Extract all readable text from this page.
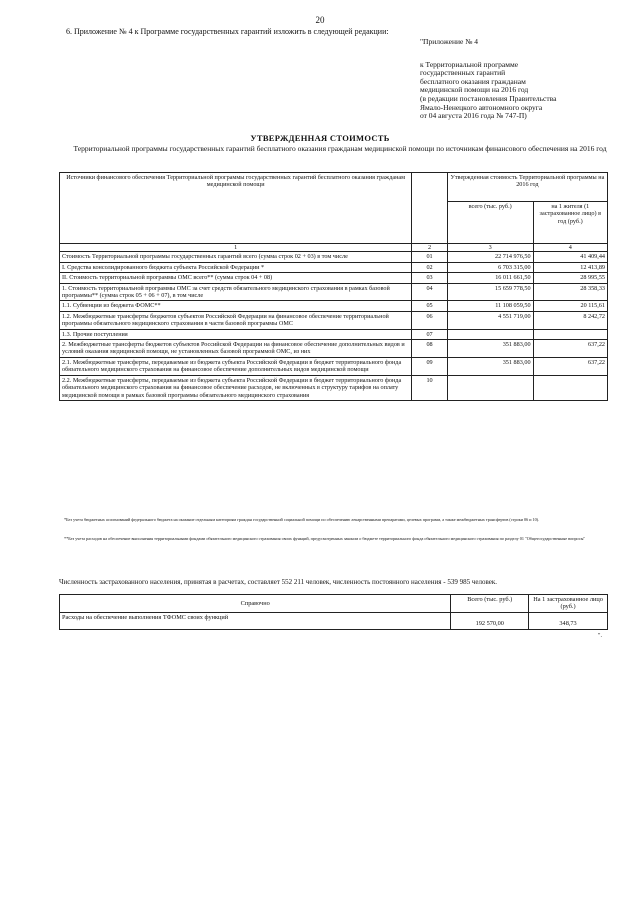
20
6. Приложение № 4 к Программе государственных гарантий изложить в следующей редакции:
"Приложение № 4
к Территориальной программе
государственных гарантий
бесплатного оказания гражданам
медицинской помощи на 2016 год
(в редакции постановления Правительства
Ямало-Ненецкого автономного округа
от 04 августа 2016 года № 747-П)
УТВЕРЖДЕННАЯ СТОИМОСТЬ
Территориальной программы государственных гарантий бесплатного оказания гражданам медицинской помощи по источникам финансового обеспечения на 2016 год
Источники финансового обеспечения Территориальной программы государственных гарантий бесплатного оказания гражданам медицинской помощи		Утвержденная стоимость Территориальной программы на 2016 год	
		всего (тыс. руб.)	на 1 жителя (1 застрахованное лицо) в год (руб.)
1	2	3	4
Стоимость Территориальной программы государственных гарантий всего (сумма строк 02 + 03) в том числе	01	22 714 976,50	41 409,44
I. Средства консолидированного бюджета субъекта Российской Федерации *	02	6 703 315,00	12 413,89
II. Стоимость территориальной программы ОМС всего** (сумма строк 04 + 08)	03	16 011 661,50	28 995,55
1. Стоимость территориальной программы ОМС за счет средств обязательного медицинского страхования в рамках базовой программы** (сумма строк 05 + 06 + 07), в том числе	04	15 659 778,50	28 358,33
1.1. Субвенции из бюджета ФОМС**	05	11 108 059,50	20 115,61
1.2. Межбюджетные трансферты бюджетов субъектов Российской Федерации на финансовое обеспечение территориальной программы обязательного медицинского страхования в части базовой программы ОМС	06	4 551 719,00	8 242,72
1.3. Прочие поступления	07		
2. Межбюджетные трансферты бюджетов субъектов Российской Федерации на финансовое обеспечение дополнительных видов и условий оказания медицинской помощи, не установленных базовой программой ОМС, из них	08	351 883,00	637,22
2.1. Межбюджетные трансферты, передаваемые из бюджета субъекта Российской Федерации в бюджет территориального фонда обязательного медицинского страхования на финансовое обеспечение дополнительных видов медицинской помощи	09	351 883,00	637,22
2.2. Межбюджетные трансферты, передаваемые из бюджета субъекта Российской Федерации в бюджет территориального фонда обязательного медицинского страхования на финансовое обеспечение расходов, не включенных в структуру тарифов на оплату медицинской помощи в рамках базовой программы обязательного медицинского страхования	10		
*Без учета бюджетных ассигнований федерального бюджета на оказание отдельным категориям граждан государственной социальной помощи по обеспечению лекарственными препаратами, целевых программ, а также межбюджетных трансфертов (строки 06 и 10).
**Без учета расходов на обеспечение выполнения территориальными фондами обязательного медицинского страхования своих функций, предусмотренных законом о бюджете территориального фонда обязательного медицинского страхования по разделу 01 "Общегосударственные вопросы"
Численность застрахованного населения, принятая в расчетах, составляет 552 211 человек, численность постоянного населения - 539 985 человек.
Справочно	Всего (тыс. руб.)	На 1 застрахованное лицо (руб.)
Расходы на обеспечение выполнения ТФОМС своих функций	192 570,00	348,73
".
